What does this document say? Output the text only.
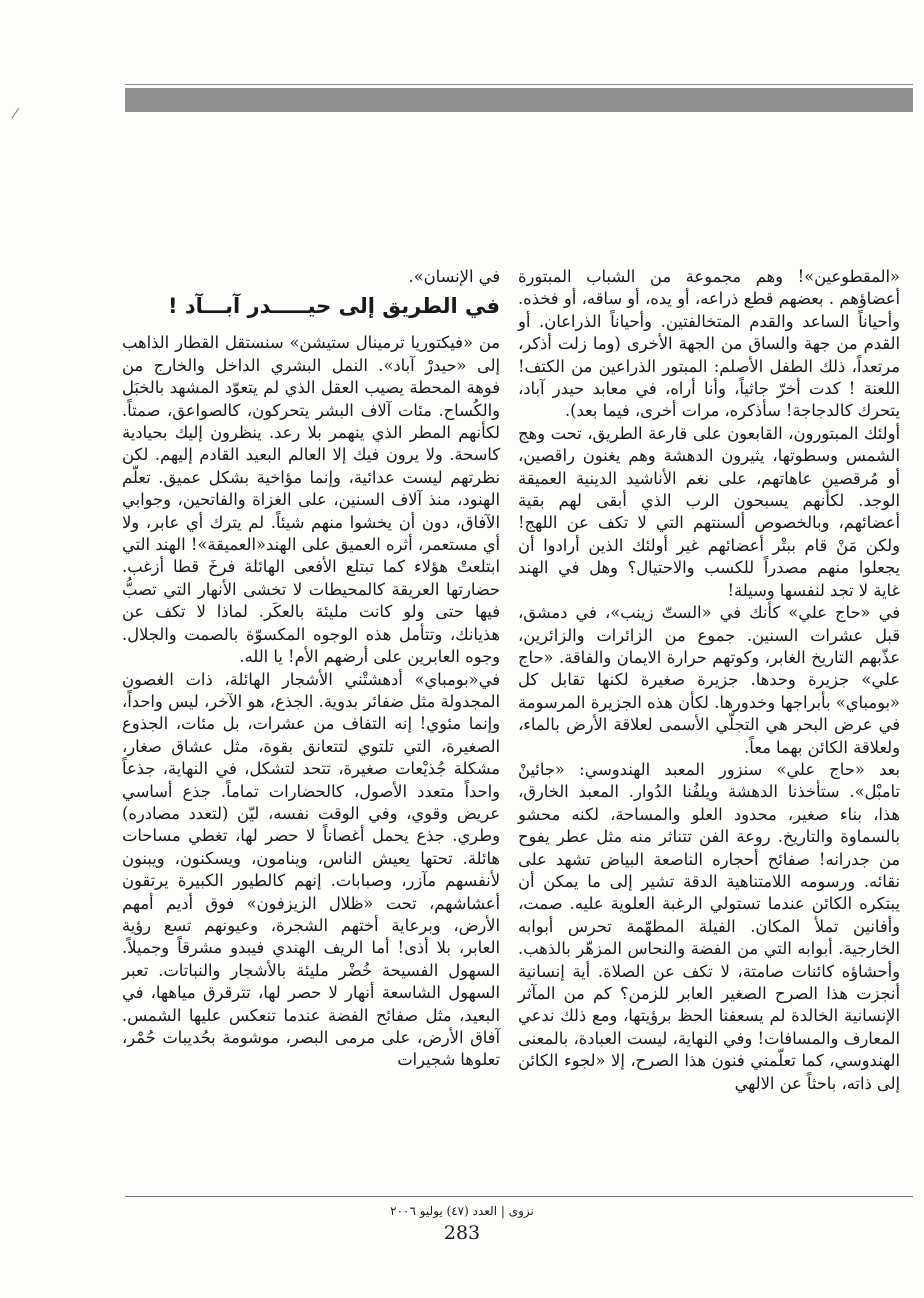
«المقطوعين»! وهم مجموعة من الشباب المبتورة أعضاؤهم . بعضهم قطع ذراعه، أو يده، أو ساقه، أو فخذه. وأحياناً الساعد والقدم المتخالفتين. وأحياناً الذراعان. أو القدم من جهة والساق من الجهة الأخرى (وما زلت أذكر، مرتعداً، ذلك الطفل الأصلم: المبتور الذراعين من الكتف! اللعنة ! كدت أخرّ جاثياً، وأنا أراه، في معابد حيدر آباد، يتحرك كالدجاجة! سأذكره، مرات أخرى، فيما بعد).

أولئك المبتورون، القابعون على قارعة الطريق، تحت وهج الشمس وسطوتها، يثيرون الدهشة وهم يغنون راقصين، أو مُرقصين عاهاتهم، على نغم الأناشيد الدينية العميقة الوجد. لكأنهم يسبحون الرب الذي أبقى لهم بقية أعضائهم، وبالخصوص ألسنتهم التي لا تكف عن اللهج! ولكن مَنْ قام ببتْر أعضائهم غير أولئك الذين أرادوا أن يجعلوا منهم مصدراً للكسب والاحتيال؟ وهل في الهند غاية لا تجد لنفسها وسيلة!

في «حاج علي» كأنك في «الستّ زينب»، في دمشق، قبل عشرات السنين. جموع من الزائرات والزائرين، عذّبهم التاريخ الغابر، وكوتهم حرارة الايمان والفاقة. «حاج علي» جزيرة وحدها. جزيرة صغيرة لكنها تقابل كل «بومباي» بأبراجها وخدورها. لكأن هذه الجزيرة المرسومة في عرض البحر هي التجلّي الأسمى لعلاقة الأرض بالماء، ولعلاقة الكائن بهما معاً.

بعد «حاج علي» سنزور المعبد الهندوسي: «جائينْ تامبْل». ستأخذنا الدهشة ويلفُنا الدُوار. المعبد الخارق، هذا، بناء صغير، محدود العلو والمساحة، لكنه محشو بالسماوة والتاريخ. روعة الفن تتناثر منه مثل عطر يفوح من جدرانه! صفائح أحجاره الناصعة البياض تشهد على نقائه. ورسومه اللامتناهية الدقة تشير إلى ما يمكن أن يبتكره الكائن عندما تستولي الرغبة العلوية عليه. صمت، وأفانين تملأ المكان. الفيلة المطهّمة تحرس أبوابه الخارجية. أبوابه التي من الفضة والنحاس المزهّر بالذهب. وأحشاؤه كائنات صامتة، لا تكف عن الصلاة. أية إنسانية أنجزت هذا الصرح الصغير العابر للزمن؟ كم من المآثر الإنسانية الخالدة لم يسعفنا الحظ برؤيتها، ومع ذلك ندعي المعارف والمسافات! وفي النهاية، ليست العبادة، بالمعنى الهندوسي، كما تعلّمني فنون هذا الصرح، إلا «لجوء الكائن إلى ذاته، باحثاً عن الالهي

في الإنسان».

في الطريق إلى حيـــــدر آبـــآد !

من «فيكتوريا ترمينال ستيشن» سنستقل القطار الذاهب إلى «حيدرْ آباد». النمل البشري الداخل والخارج من فوهة المحطة يصيب العقل الذي لم يتعوّد المشهد بالخبَل والكُساح. مئات آلاف البشر يتحركون، كالصواعق، صمتاً. لكأنهم المطر الذي ينهمر بلا رعد. ينظرون إليك بحيادية كاسحة. ولا يرون فيك إلا العالم البعيد القادم إليهم. لكن نظرتهم ليست عدائية، وإنما مؤاخية بشكل عميق. تعلّم الهنود، منذ آلاف السنين، على الغزاة والفاتحين، وجوابي الآفاق، دون أن يخشوا منهم شيئاً. لم يترك أي عابر، ولا أي مستعمر، أثره العميق على الهند«العميقة»! الهند التي ابتلعتْ هؤلاء كما تبتلع الأفعى الهائلة فرخَ قطا أزغب. حضارتها العريقة كالمحيطات لا تخشى الأنهار التي تصبُّ فيها حتى ولو كانت مليئة بالعكَر. لماذا لا تكف عن هذيانك، وتتأمل هذه الوجوه المكسوّة بالصمت والجلال. وجوه العابرين على أرضهم الأم! يا الله.

في«بومباي» أدهشتْني الأشجار الهائلة، ذات الغصون المجدولة مثل ضفائر بدوية. الجذع، هو الآخر، ليس واحداً، وإنما مئوي! إنه التفاف من عشرات، بل مئات، الجذوع الصغيرة، التي تلتوي لتتعانق بقوة، مثل عشاق صغار، مشكلة جُذيْعات صغيرة، تتحد لتشكل، في النهاية، جذعاً واحداً متعدد الأصول، كالحضارات تماماً. جذع أساسي عريض وقوي، وفي الوقت نفسه، ليّن (لتعدد مصادره) وطري. جذع يحمل أغصاناً لا حصر لها، تغطي مساحات هائلة. تحتها يعيش الناس، وينامون، ويسكنون، ويبنون لأنفسهم مآزر، وصبابات. إنهم كالطيور الكبيرة يرتقون أعشاشهم، تحت «ظلال الزيزفون» فوق أديم أمهم الأرض، وبرعاية أختهم الشجرة، وعيونهم تسع رؤية العابر، بلا أذى! أما الريف الهندي فيبدو مشرقاً وجميلاً. السهول الفسيحة خُضْر مليئة بالأشجار والنباتات. تعبر السهول الشاسعة أنهار لا حصر لها، تترقرق مياهها، في البعيد، مثل صفائح الفضة عندما تنعكس عليها الشمس. آفاق الأرض، على مرمى البصر، موشومة بحُديبات حُمْر، تعلوها شجيرات

نزوى | العدد (٤٧) يوليو ٢٠٠٦
283
